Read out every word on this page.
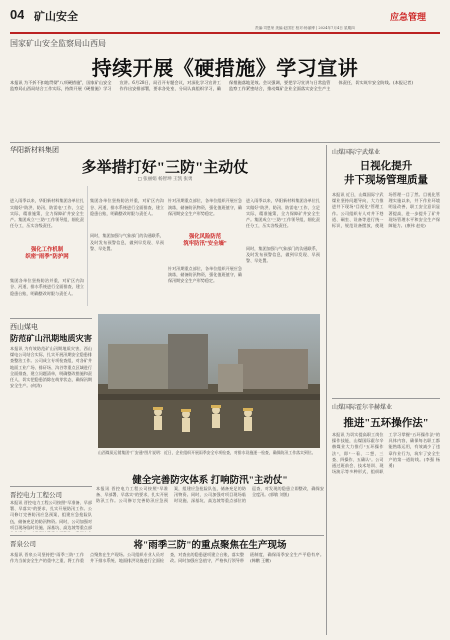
04 矿山安全	应急管理
责编:司恩荣 美编:赵国宏 校对:杨丽博 | 2024年7月4日 星期四
国家矿山安全监察局山西局
持续开展《硬措施》学习宣讲
本报讯 为不折不扣地贯彻"八项硬措施"，国家矿山安全监察局山西局结合工作实际，持续开展《硬措施》学习宣讲。6月28日，局召开专题会议，对深化学习宣讲工作作出安排部署，要求各处室、分局认真组织学习，确保措施落地见效。会议强调，要把学习宣讲与日常监管监察工作紧密结合，推动煤矿企业全面落实安全生产主体责任，切实筑牢安全防线。(本报记者)
华阳新材料集团
多举措打好"三防"主动仗
□ 张丽娟 杨智坤 王凯 张勇

进入雨季以来，华阳新材料集团各单位扎实做好"防洪、防汛、防雷电"工作，立足实际，精准施策，全力保障矿井安全生产。集团成立"三防"工作领导组，细化责任分工，压实各级责任。

强化工作机制
织密"雨季"防护网

集团各单位坚持防治并重，对矿区内沟谷、河道、排水系统进行全面排查，建立隐患台账，明确整改时限与责任人。

集团各单位坚持防治并重，对矿区内沟谷、河道、排水系统进行全面排查，建立隐患台账，明确整改时限与责任人。

同时，集团加强与气象部门的沟通联系，及时发布预警信息，做到早发现、早预警、早处置。

针对汛期重点部位，各单位组织开展应急演练，储备防汛物资，强化值班值守，确保汛期安全生产形势稳定。

强化风险防范
筑牢防汛"安全墙"

针对汛期重点部位，各单位组织开展应急演练，储备防汛物资，强化值班值守，确保汛期安全生产形势稳定。

进入雨季以来，华阳新材料集团各单位扎实做好"防洪、防汛、防雷电"工作，立足实际，精准施策，全力保障矿井安全生产。集团成立"三防"工作领导组，细化责任分工，压实各级责任。

同时，集团加强与气象部门的沟通联系，及时发布预警信息，做到早发现、早预警、早处置。

西山煤电
防范矿山汛期地质灾害
本报讯 为有效防范矿山汛期地质灾害，西山煤电公司结合实际，扎实开展汛期安全隐患排查整治工作。公司成立专项检查组，对各矿井地面工业广场、排矸场、沟谷等重点区域进行全面排查，建立问题清单，明确整改措施和责任人，切实把隐患消除在萌芽状态，确保汛期安全生产。(何涛)
山西煤炭运销集团"广安通"图片说明：近日，企业组织开展雨季安全专项检查，对排水设施逐一检查，确保防汛工作落实到位。
晋控电力工程公司
本报讯 晋控电力工程公司按照"早准备、早部署、早落实"的要求，扎实开展防汛工作。公司修订完善防汛应急预案，组建应急抢险队伍，储备充足的防汛物资。同时，公司加强对项目现场临时设施、深基坑、高边坡等重点部
健全完善防灾体系 打响防汛"主动仗"
本报讯 晋控电力工程公司按照"早准备、早部署、早落实"的要求，扎实开展防汛工作。公司修订完善防汛应急预案，组建应急抢险队伍，储备充足的防汛物资。同时，公司加强对项目现场临时设施、深基坑、高边坡等重点部位的巡查，对发现的隐患立即整改，确保安全度汛。(郭敏 刘凯)
晋泉公司	将"雨季三防"的重点聚焦在生产现场
本报讯 晋泉公司坚持把"雨季三防"工作作为当前安全生产的重中之重，将工作重点聚焦在生产现场。公司组织专业人员对井下排水系统、地面排洪设施进行全面检查，对查出的隐患逐项建立台账，落实整改。同时加强应急值守，严格执行领导带班制度，确保雨季安全生产平稳有序。(韩鹏 王鹏)
山煤国际宁武煤业
日视化提升
井下现场管理质量
本报讯 近日，山煤国际宁武煤业坚持问题导向，大力推进井下现场"目视化"管理工作。公司组织专人对井下巷道、硐室、设备等进行统一标识，规范设备摆放，使现场管理一目了然。目视化管理实施以来，井下作业环境明显改善，职工安全意识显著提高，进一步提升了矿井现场管理水平和安全生产保障能力。(康伟 赵亮)
山煤国际霍尔辛赫煤业
推进"五环操作法"
本报讯 为切实提高职工岗位操作技能，山煤国际霍尔辛赫煤业大力推行"五环操作法"，即"一看、二想、三查、四操作、五确认"。公司通过班前会、技术培训、现场演示等多种形式，组织职工学习掌握"五环操作法"的具体内容，确保每名职工都能熟练运用，有效减少了违章作业行为，筑牢了安全生产的第一道防线。(李强 杨勇)
